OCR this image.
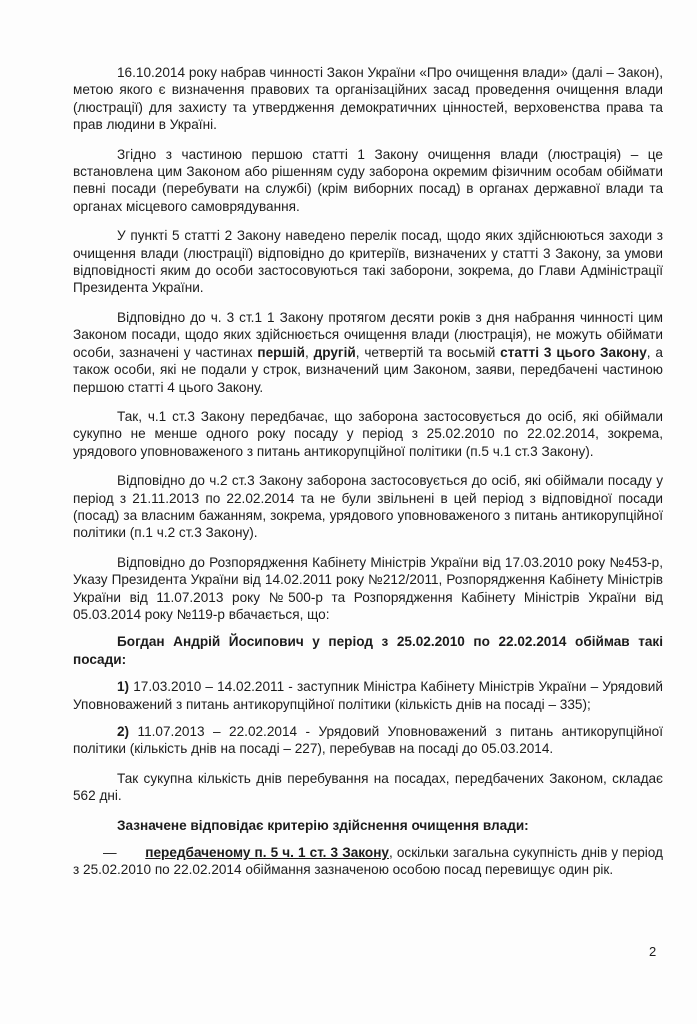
16.10.2014 року набрав чинності Закон України «Про очищення влади» (далі – Закон), метою якого є визначення правових та організаційних засад проведення очищення влади (люстрації) для захисту та утвердження демократичних цінностей, верховенства права та прав людини в Україні.

Згідно з частиною першою статті 1 Закону очищення влади (люстрація) – це встановлена цим Законом або рішенням суду заборона окремим фізичним особам обіймати певні посади (перебувати на службі) (крім виборних посад) в органах державної влади та органах місцевого самоврядування.

У пункті 5 статті 2 Закону наведено перелік посад, щодо яких здійснюються заходи з очищення влади (люстрації) відповідно до критеріїв, визначених у статті 3 Закону, за умови відповідності яким до особи застосовуються такі заборони, зокрема, до Глави Адміністрації Президента України.

Відповідно до ч. 3 ст.1 1 Закону протягом десяти років з дня набрання чинності цим Законом посади, щодо яких здійснюється очищення влади (люстрація), не можуть обіймати особи, зазначені у частинах першій, другій, четвертій та восьмій статті 3 цього Закону, а також особи, які не подали у строк, визначений цим Законом, заяви, передбачені частиною першою статті 4 цього Закону.

Так, ч.1 ст.3 Закону передбачає, що заборона застосовується до осіб, які обіймали сукупно не менше одного року посаду у період з 25.02.2010 по 22.02.2014, зокрема, урядового уповноваженого з питань антикорупційної політики (п.5 ч.1 ст.3 Закону).

Відповідно до ч.2 ст.3 Закону заборона застосовується до осіб, які обіймали посаду у період з 21.11.2013 по 22.02.2014 та не були звільнені в цей період з відповідної посади (посад) за власним бажанням, зокрема, урядового уповноваженого з питань антикорупційної політики (п.1 ч.2 ст.3 Закону).

Відповідно до Розпорядження Кабінету Міністрів України від 17.03.2010 року №453-р, Указу Президента України від 14.02.2011 року №212/2011, Розпорядження Кабінету Міністрів України від 11.07.2013 року №500-р та Розпорядження Кабінету Міністрів України від 05.03.2014 року №119-р вбачається, що:

Богдан Андрій Йосипович у період з 25.02.2010 по 22.02.2014 обіймав такі посади:

1) 17.03.2010 – 14.02.2011 - заступник Міністра Кабінету Міністрів України – Урядовий Уповноважений з питань антикорупційної політики (кількість днів на посаді – 335);

2) 11.07.2013 – 22.02.2014 - Урядовий Уповноважений з питань антикорупційної політики (кількість днів на посаді – 227), перебував на посаді до 05.03.2014.

Так сукупна кількість днів перебування на посадах, передбачених Законом, складає 562 дні.

Зазначене відповідає критерію здійснення очищення влади:

— передбаченому п. 5 ч. 1 ст. 3 Закону, оскільки загальна сукупність днів у період з 25.02.2010 по 22.02.2014 обіймання зазначеною особою посад перевищує один рік.

2
